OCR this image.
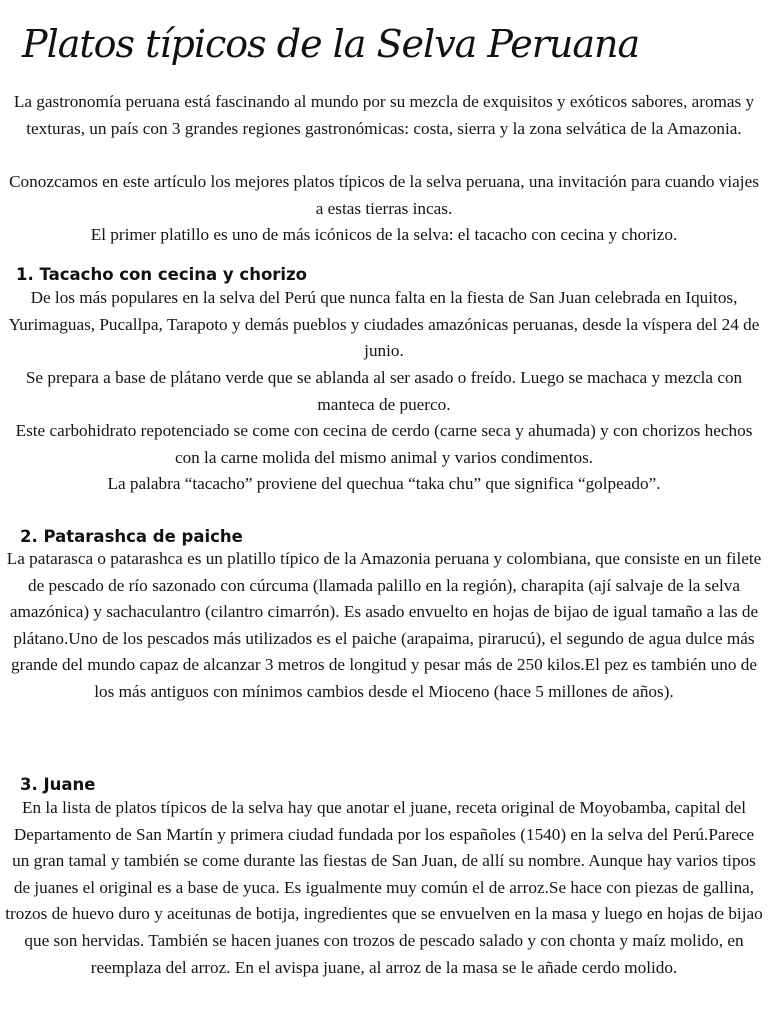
Platos típicos de la Selva Peruana

La gastronomía peruana está fascinando al mundo por su mezcla de exquisitos y exóticos sabores, aromas y texturas, un país con 3 grandes regiones gastronómicas: costa, sierra y la zona selvática de la Amazonia.

Conozcamos en este artículo los mejores platos típicos de la selva peruana, una invitación para cuando viajes a estas tierras incas.

El primer platillo es uno de más icónicos de la selva: el tacacho con cecina y chorizo.

1. Tacacho con cecina y chorizo

De los más populares en la selva del Perú que nunca falta en la fiesta de San Juan celebrada en Iquitos, Yurimaguas, Pucallpa, Tarapoto y demás pueblos y ciudades amazónicas peruanas, desde la víspera del 24 de junio.

Se prepara a base de plátano verde que se ablanda al ser asado o freído. Luego se machaca y mezcla con manteca de puerco.

Este carbohidrato repotenciado se come con cecina de cerdo (carne seca y ahumada) y con chorizos hechos con la carne molida del mismo animal y varios condimentos.

La palabra “tacacho” proviene del quechua “taka chu” que significa “golpeado”.

2. Patarashca de paiche

La patarasca o patarashca es un platillo típico de la Amazonia peruana y colombiana, que consiste en un filete de pescado de río sazonado con cúrcuma (llamada palillo en la región), charapita (ají salvaje de la selva amazónica) y sachaculantro (cilantro cimarrón). Es asado envuelto en hojas de bijao de igual tamaño a las de plátano.Uno de los pescados más utilizados es el paiche (arapaima, pirarucú), el segundo de agua dulce más grande del mundo capaz de alcanzar 3 metros de longitud y pesar más de 250 kilos.El pez es también uno de los más antiguos con mínimos cambios desde el Mioceno (hace 5 millones de años).

3. Juane

En la lista de platos típicos de la selva hay que anotar el juane, receta original de Moyobamba, capital del Departamento de San Martín y primera ciudad fundada por los españoles (1540) en la selva del Perú.Parece un gran tamal y también se come durante las fiestas de San Juan, de allí su nombre. Aunque hay varios tipos de juanes el original es a base de yuca. Es igualmente muy común el de arroz.Se hace con piezas de gallina, trozos de huevo duro y aceitunas de botija, ingredientes que se envuelven en la masa y luego en hojas de bijao que son hervidas. También se hacen juanes con trozos de pescado salado y con chonta y maíz molido, en reemplaza del arroz. En el avispa juane, al arroz de la masa se le añade cerdo molido.
